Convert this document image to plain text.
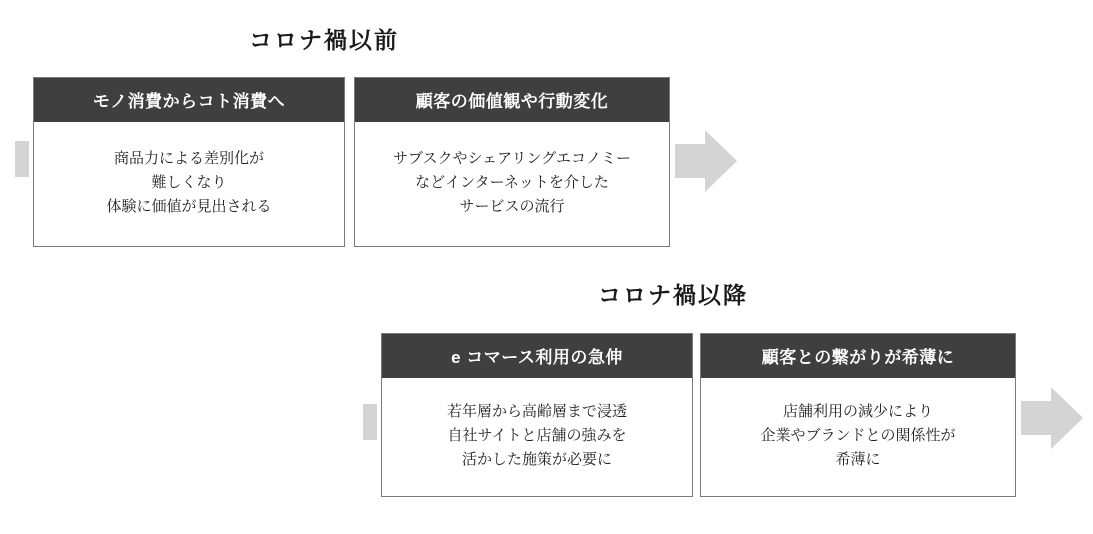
コロナ禍以前
モノ消費からコト消費へ
商品力による差別化が
難しくなり
体験に価値が見出される
顧客の価値観や行動変化
サブスクやシェアリングエコノミー
などインターネットを介した
サービスの流行
コロナ禍以降
e コマース利用の急伸
若年層から高齢層まで浸透
自社サイトと店舗の強みを
活かした施策が必要に
顧客との繋がりが希薄に
店舗利用の減少により
企業やブランドとの関係性が
希薄に
